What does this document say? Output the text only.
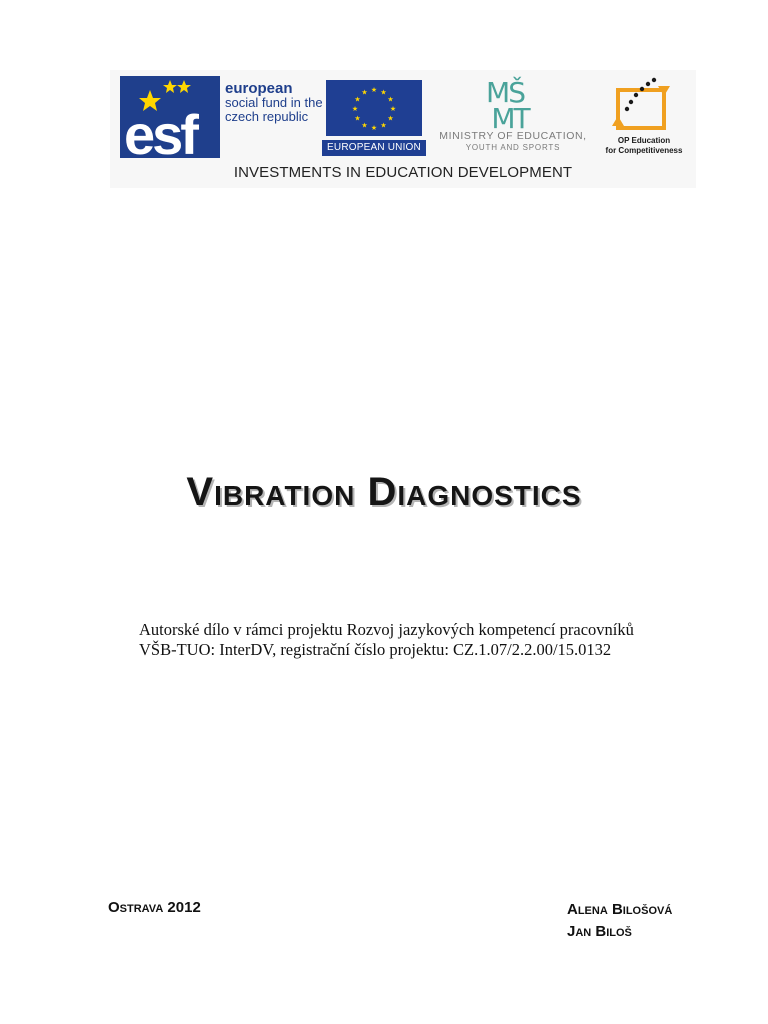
esf
european
social fund in the
czech republic
★ ★
★
★
★
★
★
★
★
★
★
★
EUROPEAN UNION
MŠ
MT
MINISTRY OF EDUCATION,
YOUTH AND SPORTS
OP Education
for Competitiveness
INVESTMENTS IN EDUCATION DEVELOPMENT
Vibration Diagnostics
Autorské dílo v rámci projektu Rozvoj jazykových kompetencí pracovníků
VŠB-TUO: InterDV, registrační číslo projektu: CZ.1.07/2.2.00/15.0132
Ostrava 2012	Alena Bilošová
Jan Biloš
